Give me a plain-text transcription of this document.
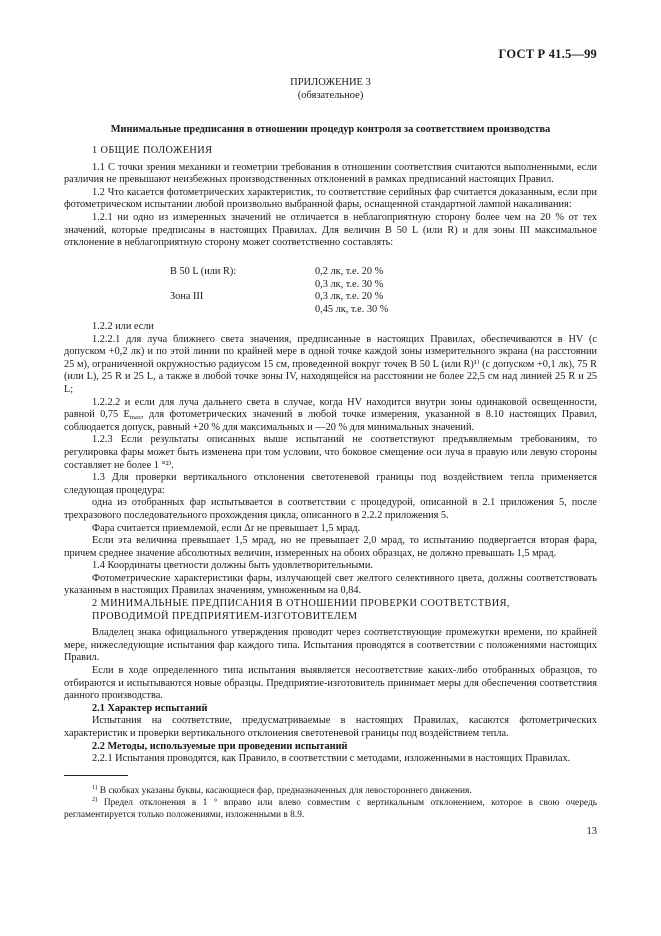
ГОСТ Р 41.5—99
ПРИЛОЖЕНИЕ 3
(обязательное)
Минимальные предписания в отношении процедур контроля за соответствием производства

1 ОБЩИЕ ПОЛОЖЕНИЯ

1.1 С точки зрения механики и геометрии требования в отношении соответствия считаются выполненными, если различия не превышают неизбежных производственных отклонений в рамках предписаний настоящих Правил.

1.2 Что касается фотометрических характеристик, то соответствие серийных фар считается доказанным, если при фотометрическом испытании любой произвольно выбранной фары, оснащенной стандартной лампой накаливания:

1.2.1 ни одно из измеренных значений не отличается в неблагоприятную сторону более чем на 20 % от тех значений, которые предписаны в настоящих Правилах. Для величин B 50 L (или R) и для зоны III максимальное отклонение в неблагоприятную сторону может соответственно составлять:

B 50 L (или R):	0,2 лк, т.е. 20 %
0,3 лк, т.е. 30 %
Зона III	0,3 лк, т.е. 20 %
0,45 лк, т.е. 30 %

1.2.2 или если

1.2.2.1 для луча ближнего света значения, предписанные в настоящих Правилах, обеспечиваются в HV (с допуском +0,2 лк) и по этой линии по крайней мере в одной точке каждой зоны измерительного экрана (на расстоянии 25 м), ограниченной окружностью радиусом 15 см, проведенной вокруг точек B 50 L (или R)¹⁾ (с допуском +0,1 лк), 75 R (или L), 25 R и 25 L, а также в любой точке зоны IV, находящейся на расстоянии не более 22,5 см над линией 25 R и 25 L;

1.2.2.2 и если для луча дальнего света в случае, когда HV находится внутри зоны одинаковой освещенности, равной 0,75 $E_{max}$, для фотометрических значений в любой точке измерения, указанной в 8.10 настоящих Правил, соблюдается допуск, равный +20 % для максимальных и —20 % для минимальных значений.

1.2.3 Если результаты описанных выше испытаний не соответствуют предъявляемым требованиям, то регулировка фары может быть изменена при том условии, что боковое смещение оси луча в правую или левую стороны составляет не более 1 °²⁾.

1.3 Для проверки вертикального отклонения светотеневой границы под воздействием тепла применяется следующая процедура:

одна из отобранных фар испытывается в соответствии с процедурой, описанной в 2.1 приложения 5, после трехразового последовательного прохождения цикла, описанного в 2.2.2 приложения 5.

Фара считается приемлемой, если Δr не превышает 1,5 мрад.

Если эта величина превышает 1,5 мрад, но не превышает 2,0 мрад, то испытанию подвергается вторая фара, причем среднее значение абсолютных величин, измеренных на обоих образцах, не должно превышать 1,5 мрад.

1.4 Координаты цветности должны быть удовлетворительными.

Фотометрические характеристики фары, излучающей свет желтого селективного цвета, должны соответствовать указанным в настоящих Правилах значениям, умноженным на 0,84.

2 МИНИМАЛЬНЫЕ ПРЕДПИСАНИЯ В ОТНОШЕНИИ ПРОВЕРКИ СООТВЕТСТВИЯ,

ПРОВОДИМОЙ ПРЕДПРИЯТИЕМ-ИЗГОТОВИТЕЛЕМ

Владелец знака официального утверждения проводит через соответствующие промежутки времени, по крайней мере, нижеследующие испытания фар каждого типа. Испытания проводятся в соответствии с положениями настоящих Правил.

Если в ходе определенного типа испытания выявляется несоответствие каких-либо отобранных образцов, то отбираются и испытываются новые образцы. Предприятие-изготовитель принимает меры для обеспечения соответствия данного производства.

2.1 Характер испытаний

Испытания на соответствие, предусматриваемые в настоящих Правилах, касаются фотометрических характеристик и проверки вертикального отклонения светотеневой границы под воздействием тепла.

2.2 Методы, используемые при проведении испытаний

2.2.1 Испытания проводятся, как Правило, в соответствии с методами, изложенными в настоящих Правилах.

$^{1)}$ В скобках указаны буквы, касающиеся фар, предназначенных для левостороннего движения.

$^{2)}$ Предел отклонения в 1 ° вправо или влево совместим с вертикальным отклонением, которое в свою очередь регламентируется только положениями, изложенными в 8.9.

13
